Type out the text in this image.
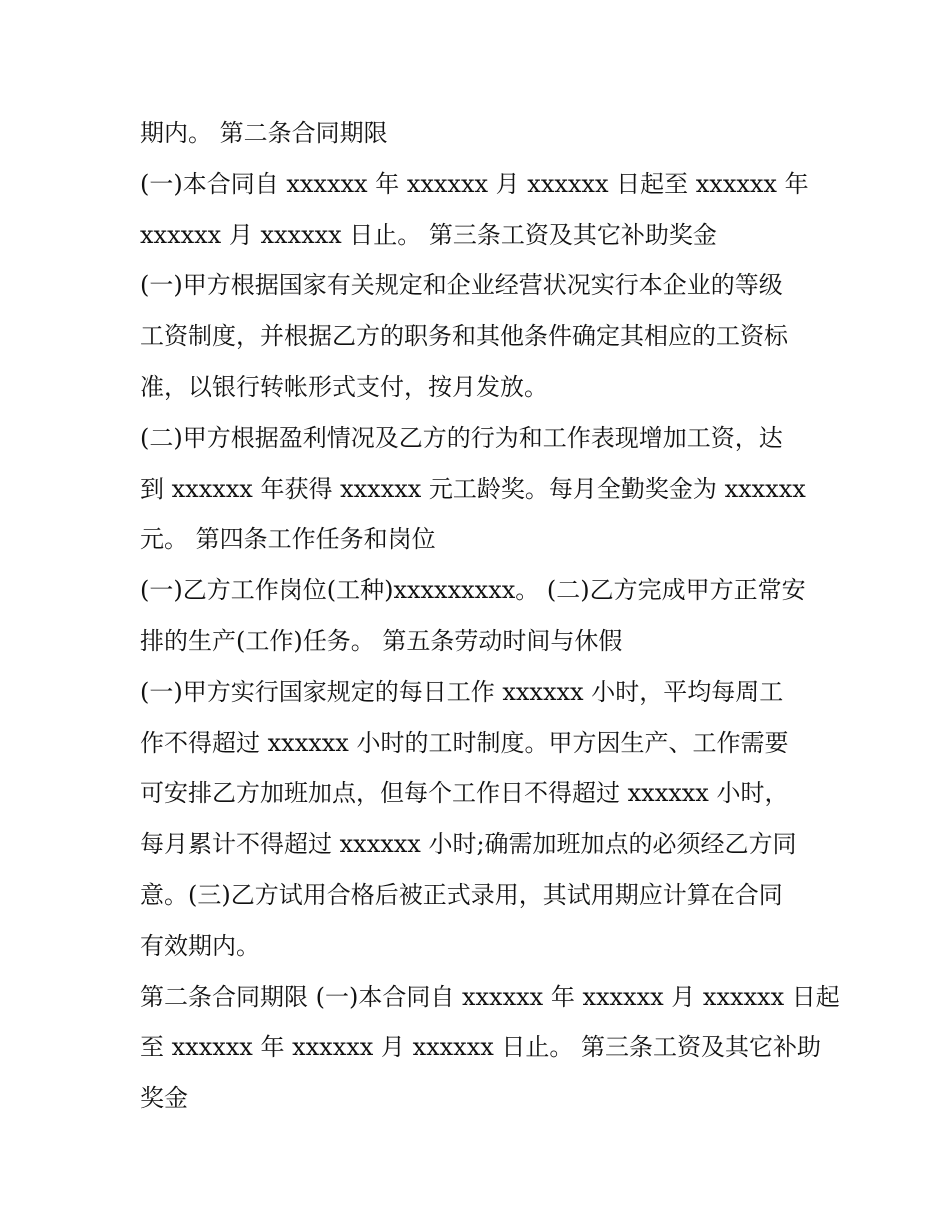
期内。 第二条合同期限
(一)本合同自 xxxxxx 年 xxxxxx 月 xxxxxx 日起至 xxxxxx 年
xxxxxx 月 xxxxxx 日止。 第三条工资及其它补助奖金
(一)甲方根据国家有关规定和企业经营状况实行本企业的等级
工资制度，并根据乙方的职务和其他条件确定其相应的工资标
准，以银行转帐形式支付，按月发放。
(二)甲方根据盈利情况及乙方的行为和工作表现增加工资，达
到 xxxxxx 年获得 xxxxxx 元工龄奖。每月全勤奖金为 xxxxxx
元。 第四条工作任务和岗位
(一)乙方工作岗位(工种)xxxxxxxxx。 (二)乙方完成甲方正常安
排的生产(工作)任务。 第五条劳动时间与休假
(一)甲方实行国家规定的每日工作 xxxxxx 小时，平均每周工
作不得超过 xxxxxx 小时的工时制度。甲方因生产、工作需要
可安排乙方加班加点，但每个工作日不得超过 xxxxxx 小时，
每月累计不得超过 xxxxxx 小时;确需加班加点的必须经乙方同
意。(三)乙方试用合格后被正式录用，其试用期应计算在合同
有效期内。
第二条合同期限 (一)本合同自 xxxxxx 年 xxxxxx 月 xxxxxx 日起
至 xxxxxx 年 xxxxxx 月 xxxxxx 日止。 第三条工资及其它补助
奖金
